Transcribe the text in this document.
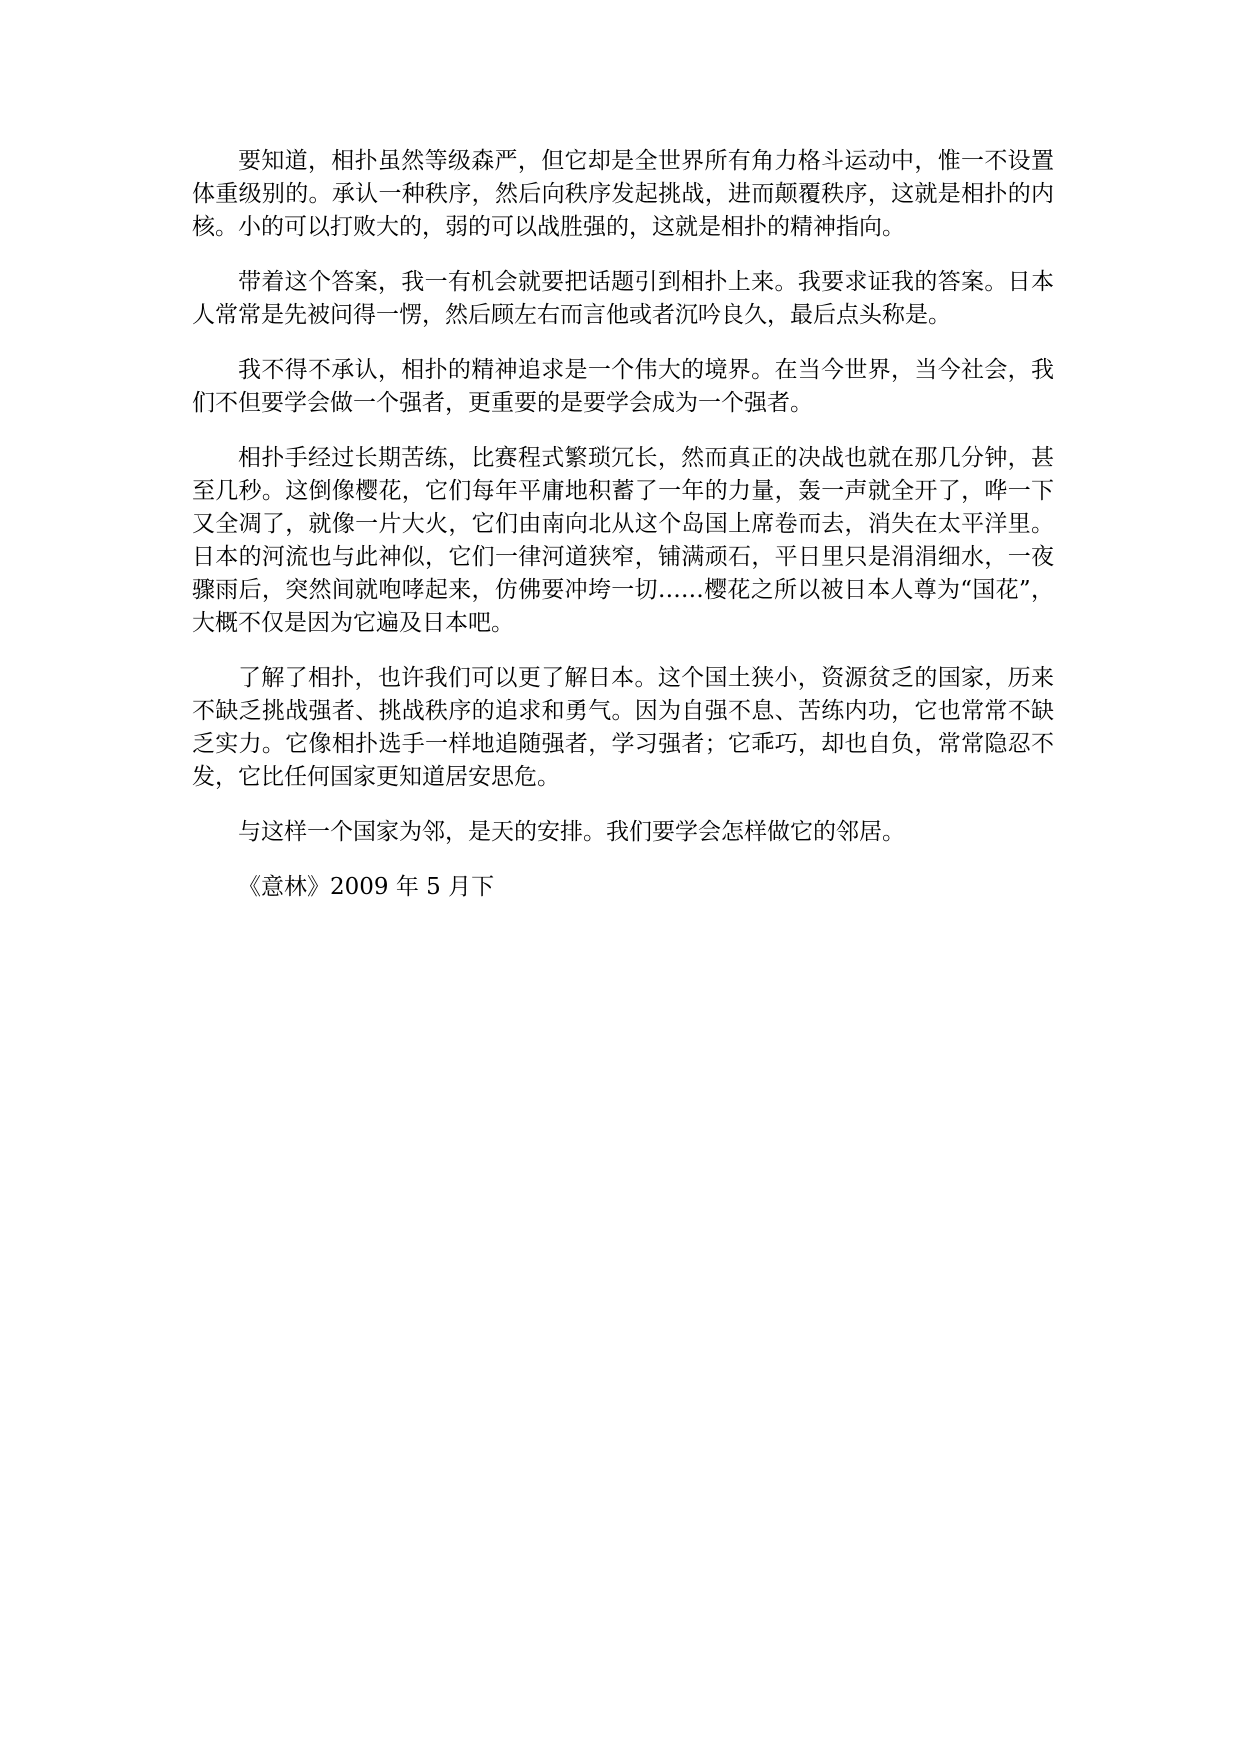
要知道，相扑虽然等级森严，但它却是全世界所有角力格斗运动中，惟一不设置体重级别的。承认一种秩序，然后向秩序发起挑战，进而颠覆秩序，这就是相扑的内核。小的可以打败大的，弱的可以战胜强的，这就是相扑的精神指向。

带着这个答案，我一有机会就要把话题引到相扑上来。我要求证我的答案。日本人常常是先被问得一愣，然后顾左右而言他或者沉吟良久，最后点头称是。

我不得不承认，相扑的精神追求是一个伟大的境界。在当今世界，当今社会，我们不但要学会做一个强者，更重要的是要学会成为一个强者。

相扑手经过长期苦练，比赛程式繁琐冗长，然而真正的决战也就在那几分钟，甚至几秒。这倒像樱花，它们每年平庸地积蓄了一年的力量，轰一声就全开了，哗一下又全凋了，就像一片大火，它们由南向北从这个岛国上席卷而去，消失在太平洋里。日本的河流也与此神似，它们一律河道狭窄，铺满顽石，平日里只是涓涓细水，一夜骤雨后，突然间就咆哮起来，仿佛要冲垮一切……樱花之所以被日本人尊为“国花”，大概不仅是因为它遍及日本吧。

了解了相扑，也许我们可以更了解日本。这个国土狭小，资源贫乏的国家，历来不缺乏挑战强者、挑战秩序的追求和勇气。因为自强不息、苦练内功，它也常常不缺乏实力。它像相扑选手一样地追随强者，学习强者；它乖巧，却也自负，常常隐忍不发，它比任何国家更知道居安思危。

与这样一个国家为邻，是天的安排。我们要学会怎样做它的邻居。

《意林》2009 年 5 月下
